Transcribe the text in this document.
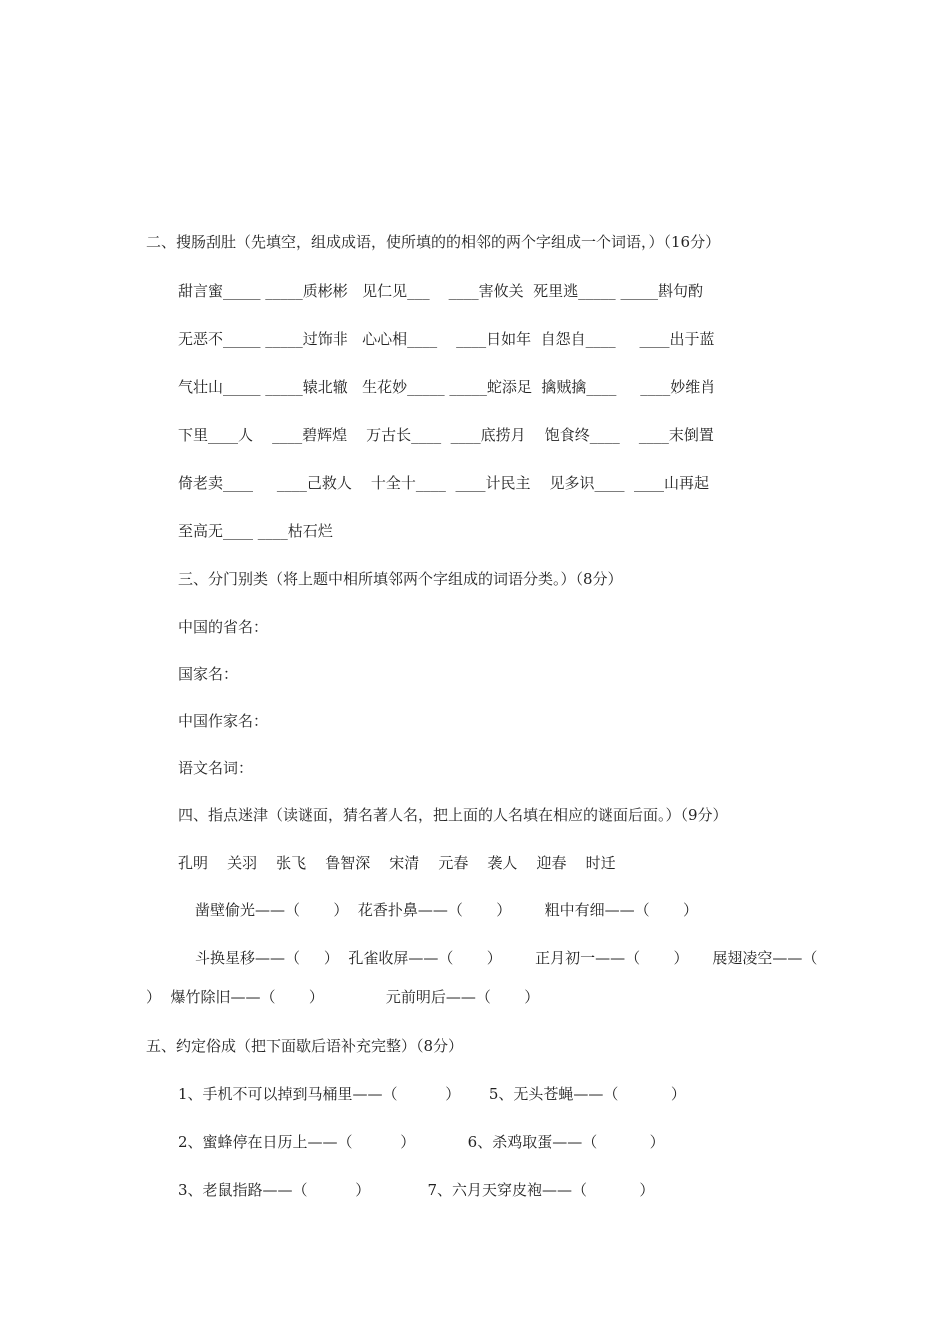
二、搜肠刮肚（先填空，组成成语，使所填的的相邻的两个字组成一个词语，）（16分）
甜言蜜_____ _____质彬彬   见仁见___    ____害攸关  死里逃_____ _____斟句酌
无恶不_____ _____过饰非   心心相____    ____日如年  自怨自____     ____出于蓝
气壮山_____ _____辕北辙   生花妙_____ _____蛇添足  擒贼擒____     ____妙维肖
下里____人    ____碧辉煌    万古长____  ____底捞月    饱食终____    ____末倒置
倚老卖____     ____己救人    十全十____  ____计民主    见多识____  ____山再起
至高无____ ____枯石烂
三、分门别类（将上题中相所填邻两个字组成的词语分类。）（8分）
中国的省名：
国家名：
中国作家名：
语文名词：
四、指点迷津（读谜面，猜名著人名，把上面的人名填在相应的谜面后面。）（9分）
孔明    关羽    张飞    鲁智深    宋清    元春    袭人    迎春    时迁
凿壁偷光——（       ）  花香扑鼻——（       ）       粗中有细——（       ）
斗换星移——（     ）  孔雀收屏——（       ）       正月初一——（       ）     展翅凌空——（
）  爆竹除旧——（       ）             元前明后——（       ）
五、约定俗成（把下面歇后语补充完整）（8分）
1、手机不可以掉到马桶里——（          ）      5、无头苍蝇——（           ）
2、蜜蜂停在日历上——（          ）           6、杀鸡取蛋——（           ）
3、老鼠指路——（          ）            7、六月天穿皮袍——（           ）
